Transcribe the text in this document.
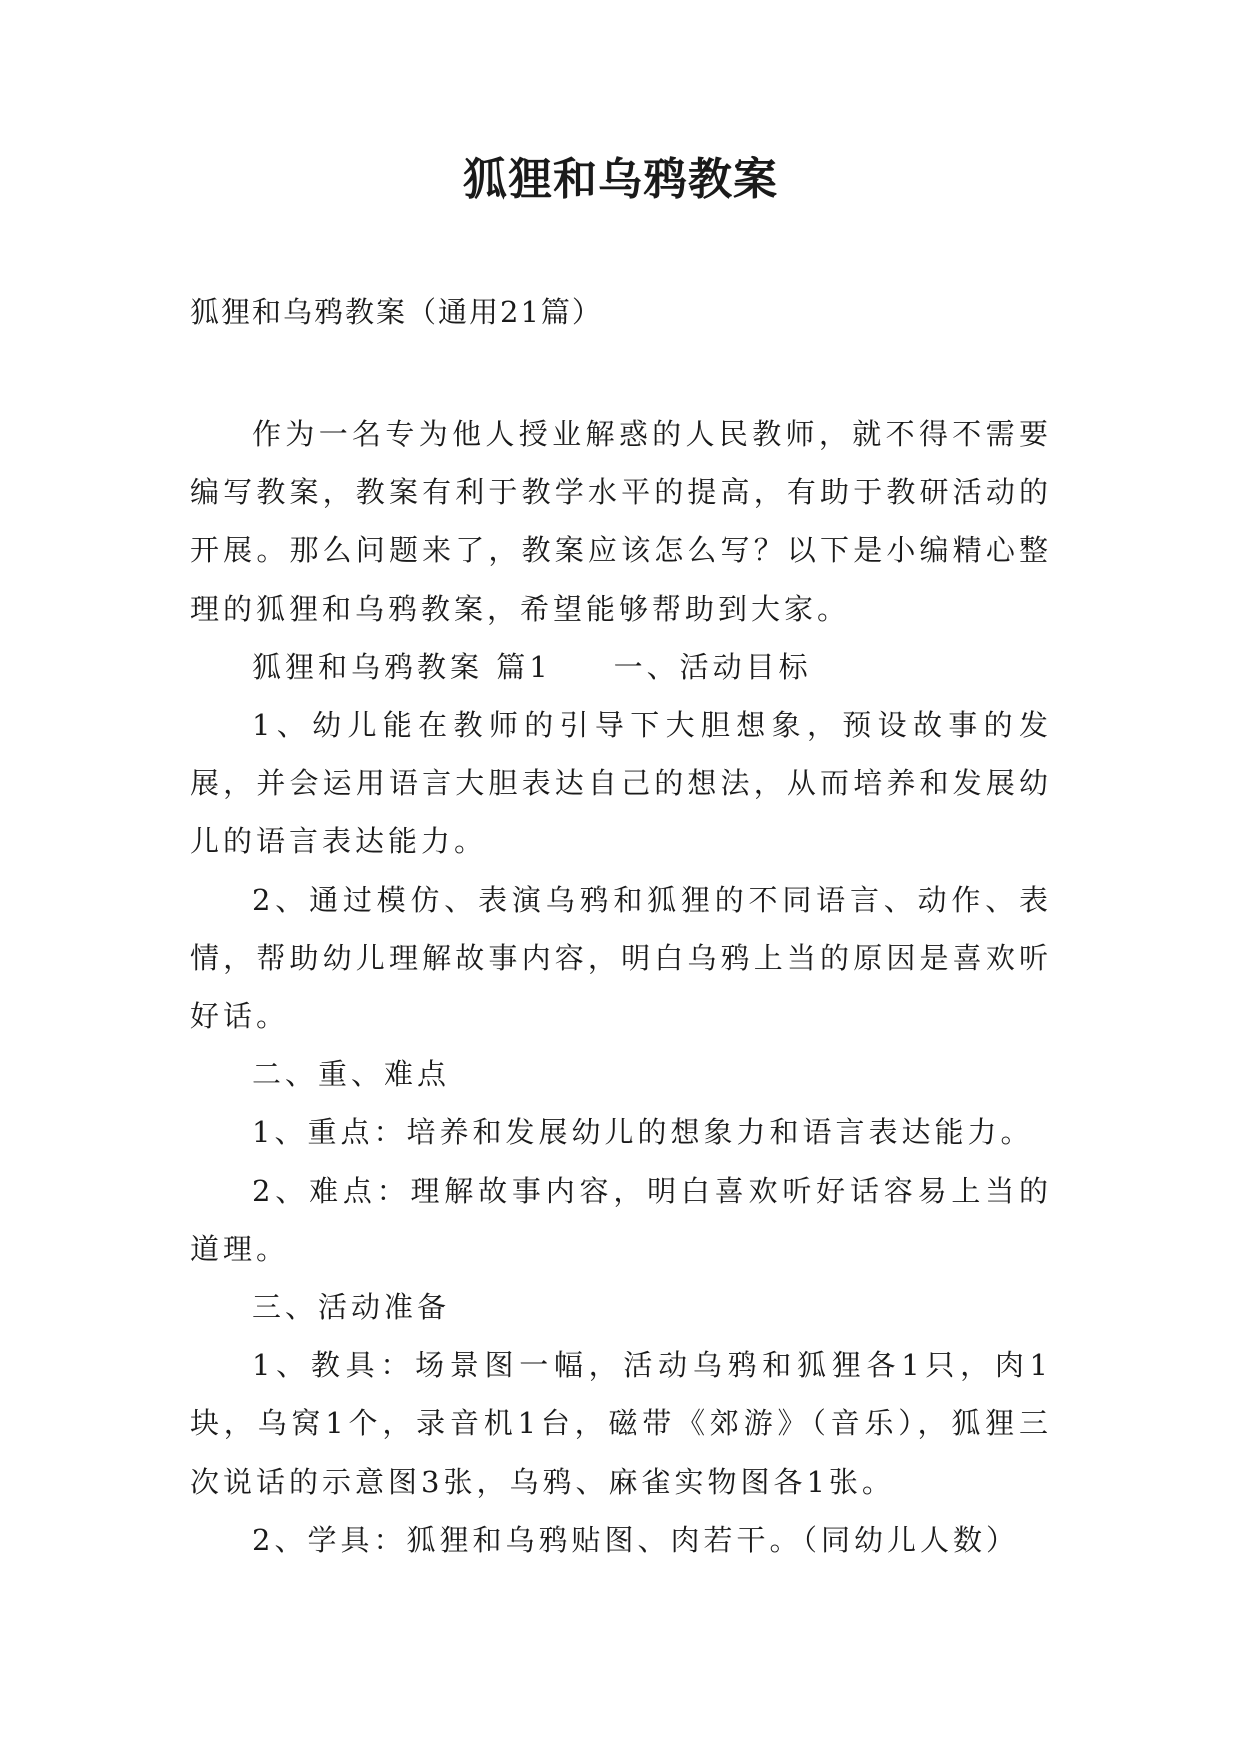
狐狸和乌鸦教案
狐狸和乌鸦教案（通用21篇）

作为一名专为他人授业解惑的人民教师，就不得不需要编写教案，教案有利于教学水平的提高，有助于教研活动的开展。那么问题来了，教案应该怎么写？以下是小编精心整理的狐狸和乌鸦教案，希望能够帮助到大家。

狐狸和乌鸦教案 篇1 一、活动目标

1、幼儿能在教师的引导下大胆想象，预设故事的发展，并会运用语言大胆表达自己的想法，从而培养和发展幼儿的语言表达能力。

2、通过模仿、表演乌鸦和狐狸的不同语言、动作、表情，帮助幼儿理解故事内容，明白乌鸦上当的原因是喜欢听好话。

二、重、难点

1、重点：培养和发展幼儿的想象力和语言表达能力。

2、难点：理解故事内容，明白喜欢听好话容易上当的道理。

三、活动准备

1、教具：场景图一幅，活动乌鸦和狐狸各1只，肉1块，乌窝1个，录音机1台，磁带《郊游》（音乐），狐狸三次说话的示意图3张，乌鸦、麻雀实物图各1张。

2、学具：狐狸和乌鸦贴图、肉若干。（同幼儿人数）
